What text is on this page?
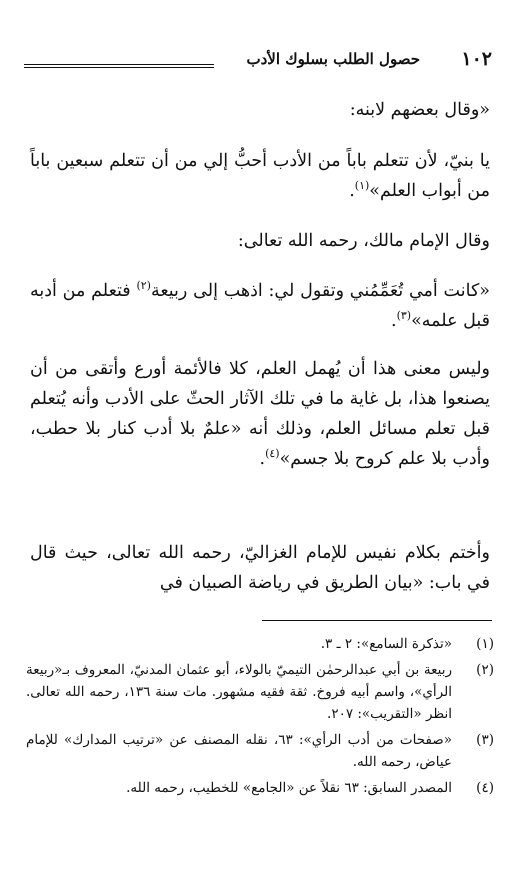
١٠٢
حصول الطلب بسلوك الأدب

«وقال بعضهم لابنه:

يا بنيّ، لأن تتعلم باباً من الأدب أحبُّ إلي من أن تتعلم سبعين باباً من أبواب العلم»$^{(١)}$.

وقال الإمام مالك، رحمه الله تعالى:

«كانت أمي تُعَمِّمُني وتقول لي: اذهب إلى ربيعة$^{(٢)}$ فتعلم من أدبه قبل علمه»$^{(٣)}$.

وليس معنى هذا أن يُهمل العلم، كلا فالأئمة أورع وأتقى من أن يصنعوا هذا، بل غاية ما في تلك الآثار الحثّ على الأدب وأنه يُتعلم قبل تعلم مسائل العلم، وذلك أنه «علمٌ بلا أدب كنار بلا حطب، وأدب بلا علم كروح بلا جسم»$^{(٤)}$.

وأختم بكلام نفيس للإمام الغزاليّ، رحمه الله تعالى، حيث قال في باب: «بيان الطريق في رياضة الصبيان في

(١)
«تذكرة السامع»: ٢ ـ ٣.

(٢)
ربيعة بن أبي عبدالرحمٰن التيميّ بالولاء، أبو عثمان المدنيّ، المعروف بـ«ربيعة الرأي»، واسم أبيه فروخ. ثقة فقيه مشهور. مات سنة ١٣٦، رحمه الله تعالى. انظر «التقريب»: ٢٠٧.

(٣)
«صفحات من أدب الرأي»: ٦٣، نقله المصنف عن «ترتيب المدارك» للإمام عياض، رحمه الله.

(٤)
المصدر السابق: ٦٣ نقلاً عن «الجامع» للخطيب، رحمه الله.
